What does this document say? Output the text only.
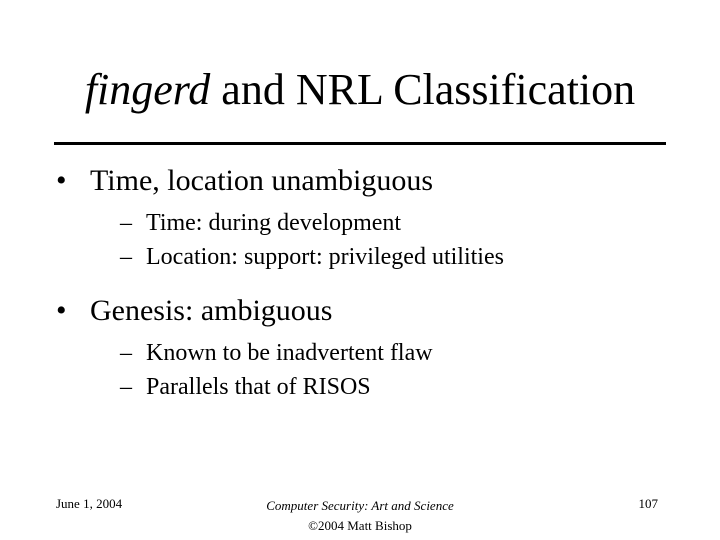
fingerd and NRL Classification
• Time, location unambiguous
– Time: during development
– Location: support: privileged utilities
• Genesis: ambiguous
– Known to be inadvertent flaw
– Parallels that of RISOS
June 1, 2004	Computer Security: Art and Science
©2004 Matt Bishop
107
